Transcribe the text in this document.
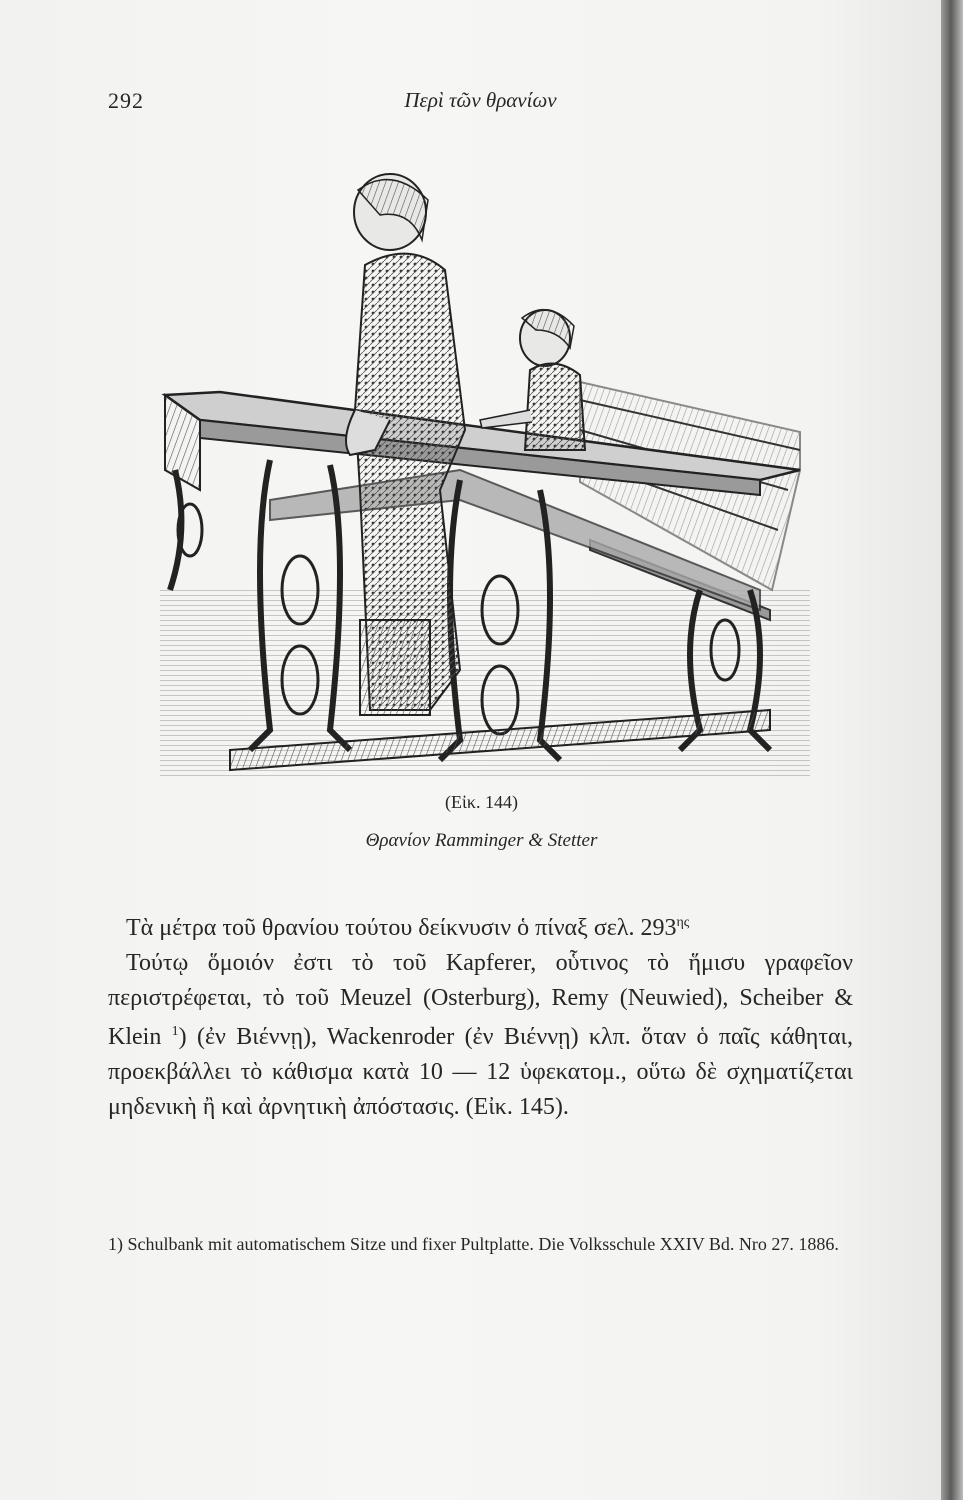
292	Περὶ τῶν θρανίων
(Εἰκ. 144)
Θρανίον Ramminger & Stetter

Τὰ μέτρα τοῦ θρανίου τούτου δείκνυσιν ὁ πίναξ σελ. $293^{\eta\varsigma}$

Τούτῳ ὅμοιόν ἐστι τὸ τοῦ Kapferer, οὗτινος τὸ ἥμισυ γραφεῖον περιστρέφεται, τὸ τοῦ Meuzel (Osterburg), Remy (Neuwied), Scheiber & Klein $^1$) (ἐν Βιέννῃ), Wackenroder (ἐν Βιέννῃ) κλπ. ὅταν ὁ παῖς κάθηται, προεκβάλλει τὸ κάθισμα κατὰ 10 — 12 ὑφεκατομ., οὕτω δὲ σχηματίζεται μηδενικὴ ἢ καὶ ἀρνητικὴ ἀπόστασις. (Εἰκ. 145).

1) Schulbank mit automatischem Sitze und fixer Pultplatte. Die Volksschule XXIV Bd. Nro 27. 1886.
